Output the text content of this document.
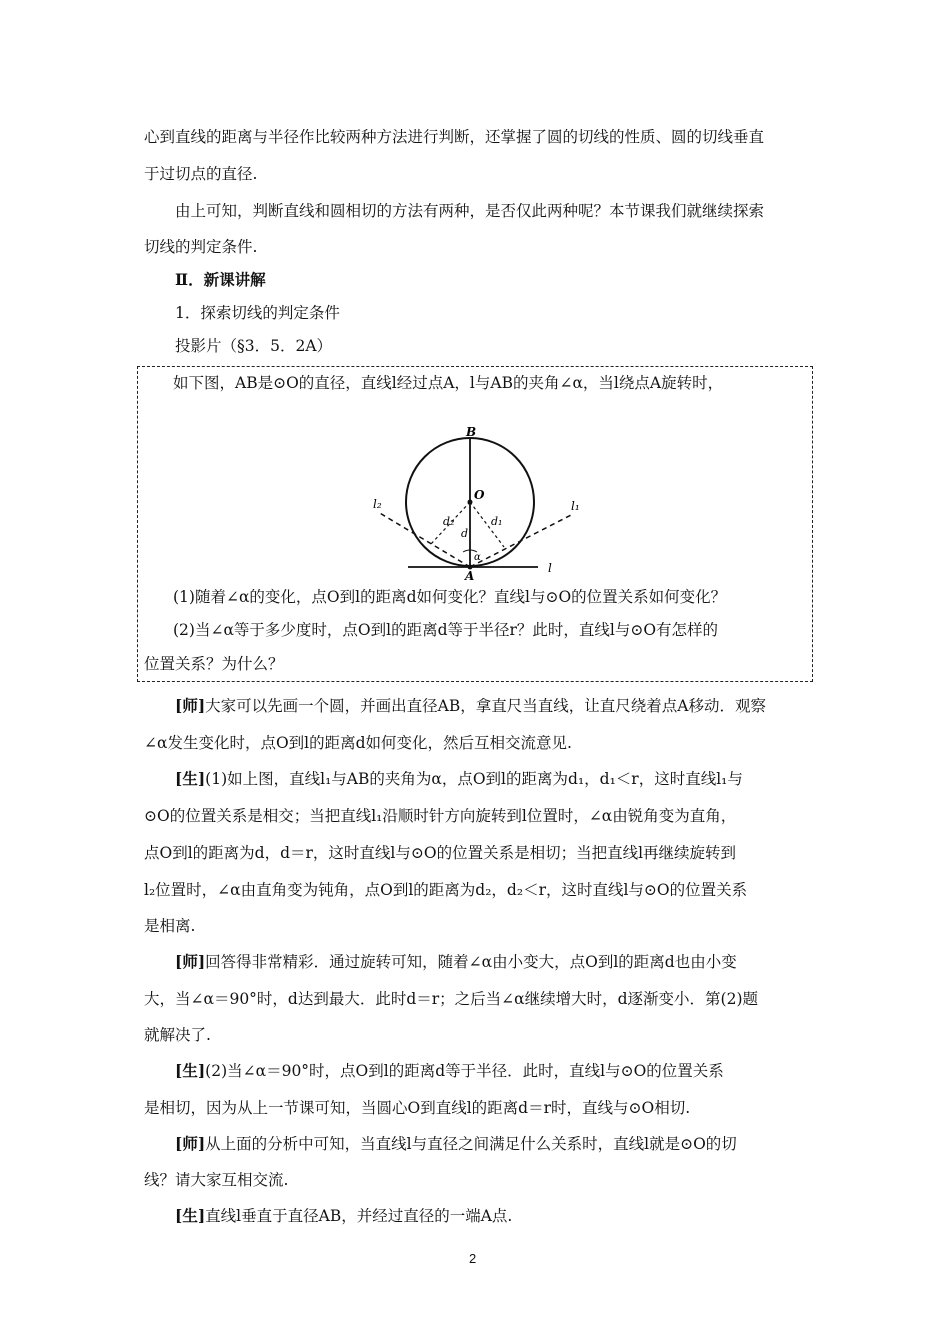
心到直线的距离与半径作比较两种方法进行判断，还掌握了圆的切线的性质、圆的切线垂直
于过切点的直径.
由上可知，判断直线和圆相切的方法有两种，是否仅此两种呢？本节课我们就继续探索
切线的判定条件.
Ⅱ．新课讲解
1．探索切线的判定条件
投影片（§3．5．2A）
如下图，AB是⊙O的直径，直线l经过点A，l与AB的夹角∠α，当l绕点A旋转时，
B
O
A
l
l₁
l₂
d
d₁
d₂
α
(1)随着∠α的变化，点O到l的距离d如何变化？直线l与⊙O的位置关系如何变化？
(2)当∠α等于多少度时，点O到l的距离d等于半径r？此时，直线l与⊙O有怎样的
位置关系？为什么？
[师]大家可以先画一个圆，并画出直径AB，拿直尺当直线，让直尺绕着点A移动．观察
∠α发生变化时，点O到l的距离d如何变化，然后互相交流意见.
[生](1)如上图，直线l₁与AB的夹角为α，点O到l的距离为d₁，d₁＜r，这时直线l₁与
⊙O的位置关系是相交；当把直线l₁沿顺时针方向旋转到l位置时，∠α由锐角变为直角，
点O到l的距离为d，d＝r，这时直线l与⊙O的位置关系是相切；当把直线l再继续旋转到
l₂位置时，∠α由直角变为钝角，点O到l的距离为d₂，d₂＜r，这时直线l与⊙O的位置关系
是相离.
[师]回答得非常精彩．通过旋转可知，随着∠α由小变大，点O到l的距离d也由小变
大，当∠α＝90°时，d达到最大．此时d＝r；之后当∠α继续增大时，d逐渐变小．第(2)题
就解决了.
[生](2)当∠α＝90°时，点O到l的距离d等于半径．此时，直线l与⊙O的位置关系
是相切，因为从上一节课可知，当圆心O到直线l的距离d＝r时，直线与⊙O相切.
[师]从上面的分析中可知，当直线l与直径之间满足什么关系时，直线l就是⊙O的切
线？请大家互相交流.
[生]直线l垂直于直径AB，并经过直径的一端A点.
2
